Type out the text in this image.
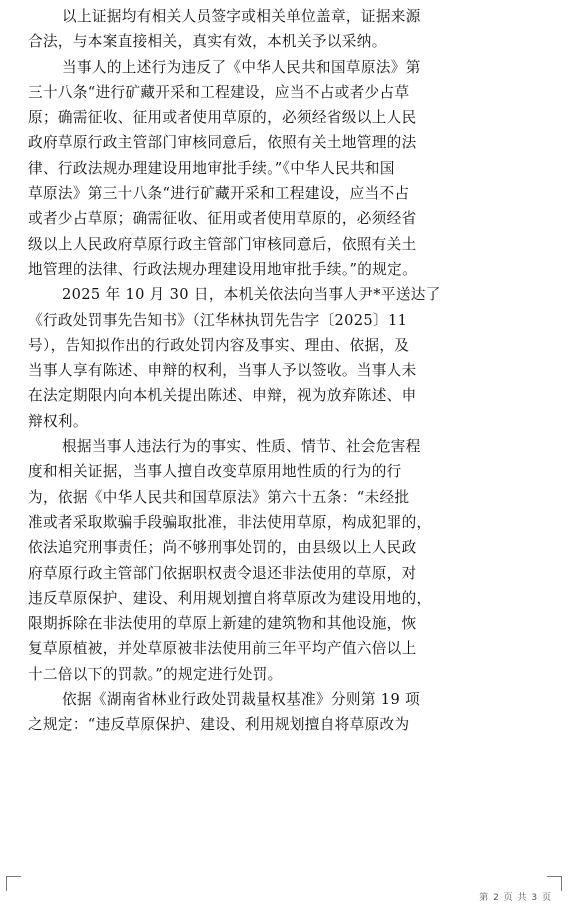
以上证据均有相关人员签字或相关单位盖章，证据来源
合法，与本案直接相关，真实有效，本机关予以采纳。
当事人的上述行为违反了《中华人民共和国草原法》第
三十八条“进行矿藏开采和工程建设，应当不占或者少占草
原；确需征收、征用或者使用草原的，必须经省级以上人民
政府草原行政主管部门审核同意后，依照有关土地管理的法
律、行政法规办理建设用地审批手续。”《中华人民共和国
草原法》第三十八条“进行矿藏开采和工程建设，应当不占
或者少占草原；确需征收、征用或者使用草原的，必须经省
级以上人民政府草原行政主管部门审核同意后，依照有关土
地管理的法律、行政法规办理建设用地审批手续。”的规定。
2025 年 10 月 30 日，本机关依法向当事人尹*平送达了
《行政处罚事先告知书》（江华林执罚先告字〔2025〕11
号），告知拟作出的行政处罚内容及事实、理由、依据，及
当事人享有陈述、申辩的权利，当事人予以签收。当事人未
在法定期限内向本机关提出陈述、申辩，视为放弃陈述、申
辩权利。
根据当事人违法行为的事实、性质、情节、社会危害程
度和相关证据，当事人擅自改变草原用地性质的行为的行
为，依据《中华人民共和国草原法》第六十五条：“未经批
准或者采取欺骗手段骗取批准，非法使用草原，构成犯罪的，
依法追究刑事责任；尚不够刑事处罚的，由县级以上人民政
府草原行政主管部门依据职权责令退还非法使用的草原，对
违反草原保护、建设、利用规划擅自将草原改为建设用地的，
限期拆除在非法使用的草原上新建的建筑物和其他设施，恢
复草原植被，并处草原被非法使用前三年平均产值六倍以上
十二倍以下的罚款。”的规定进行处罚。
依据《湖南省林业行政处罚裁量权基准》分则第 19 项
之规定：“违反草原保护、建设、利用规划擅自将草原改为
第 2 页 共 3 页
